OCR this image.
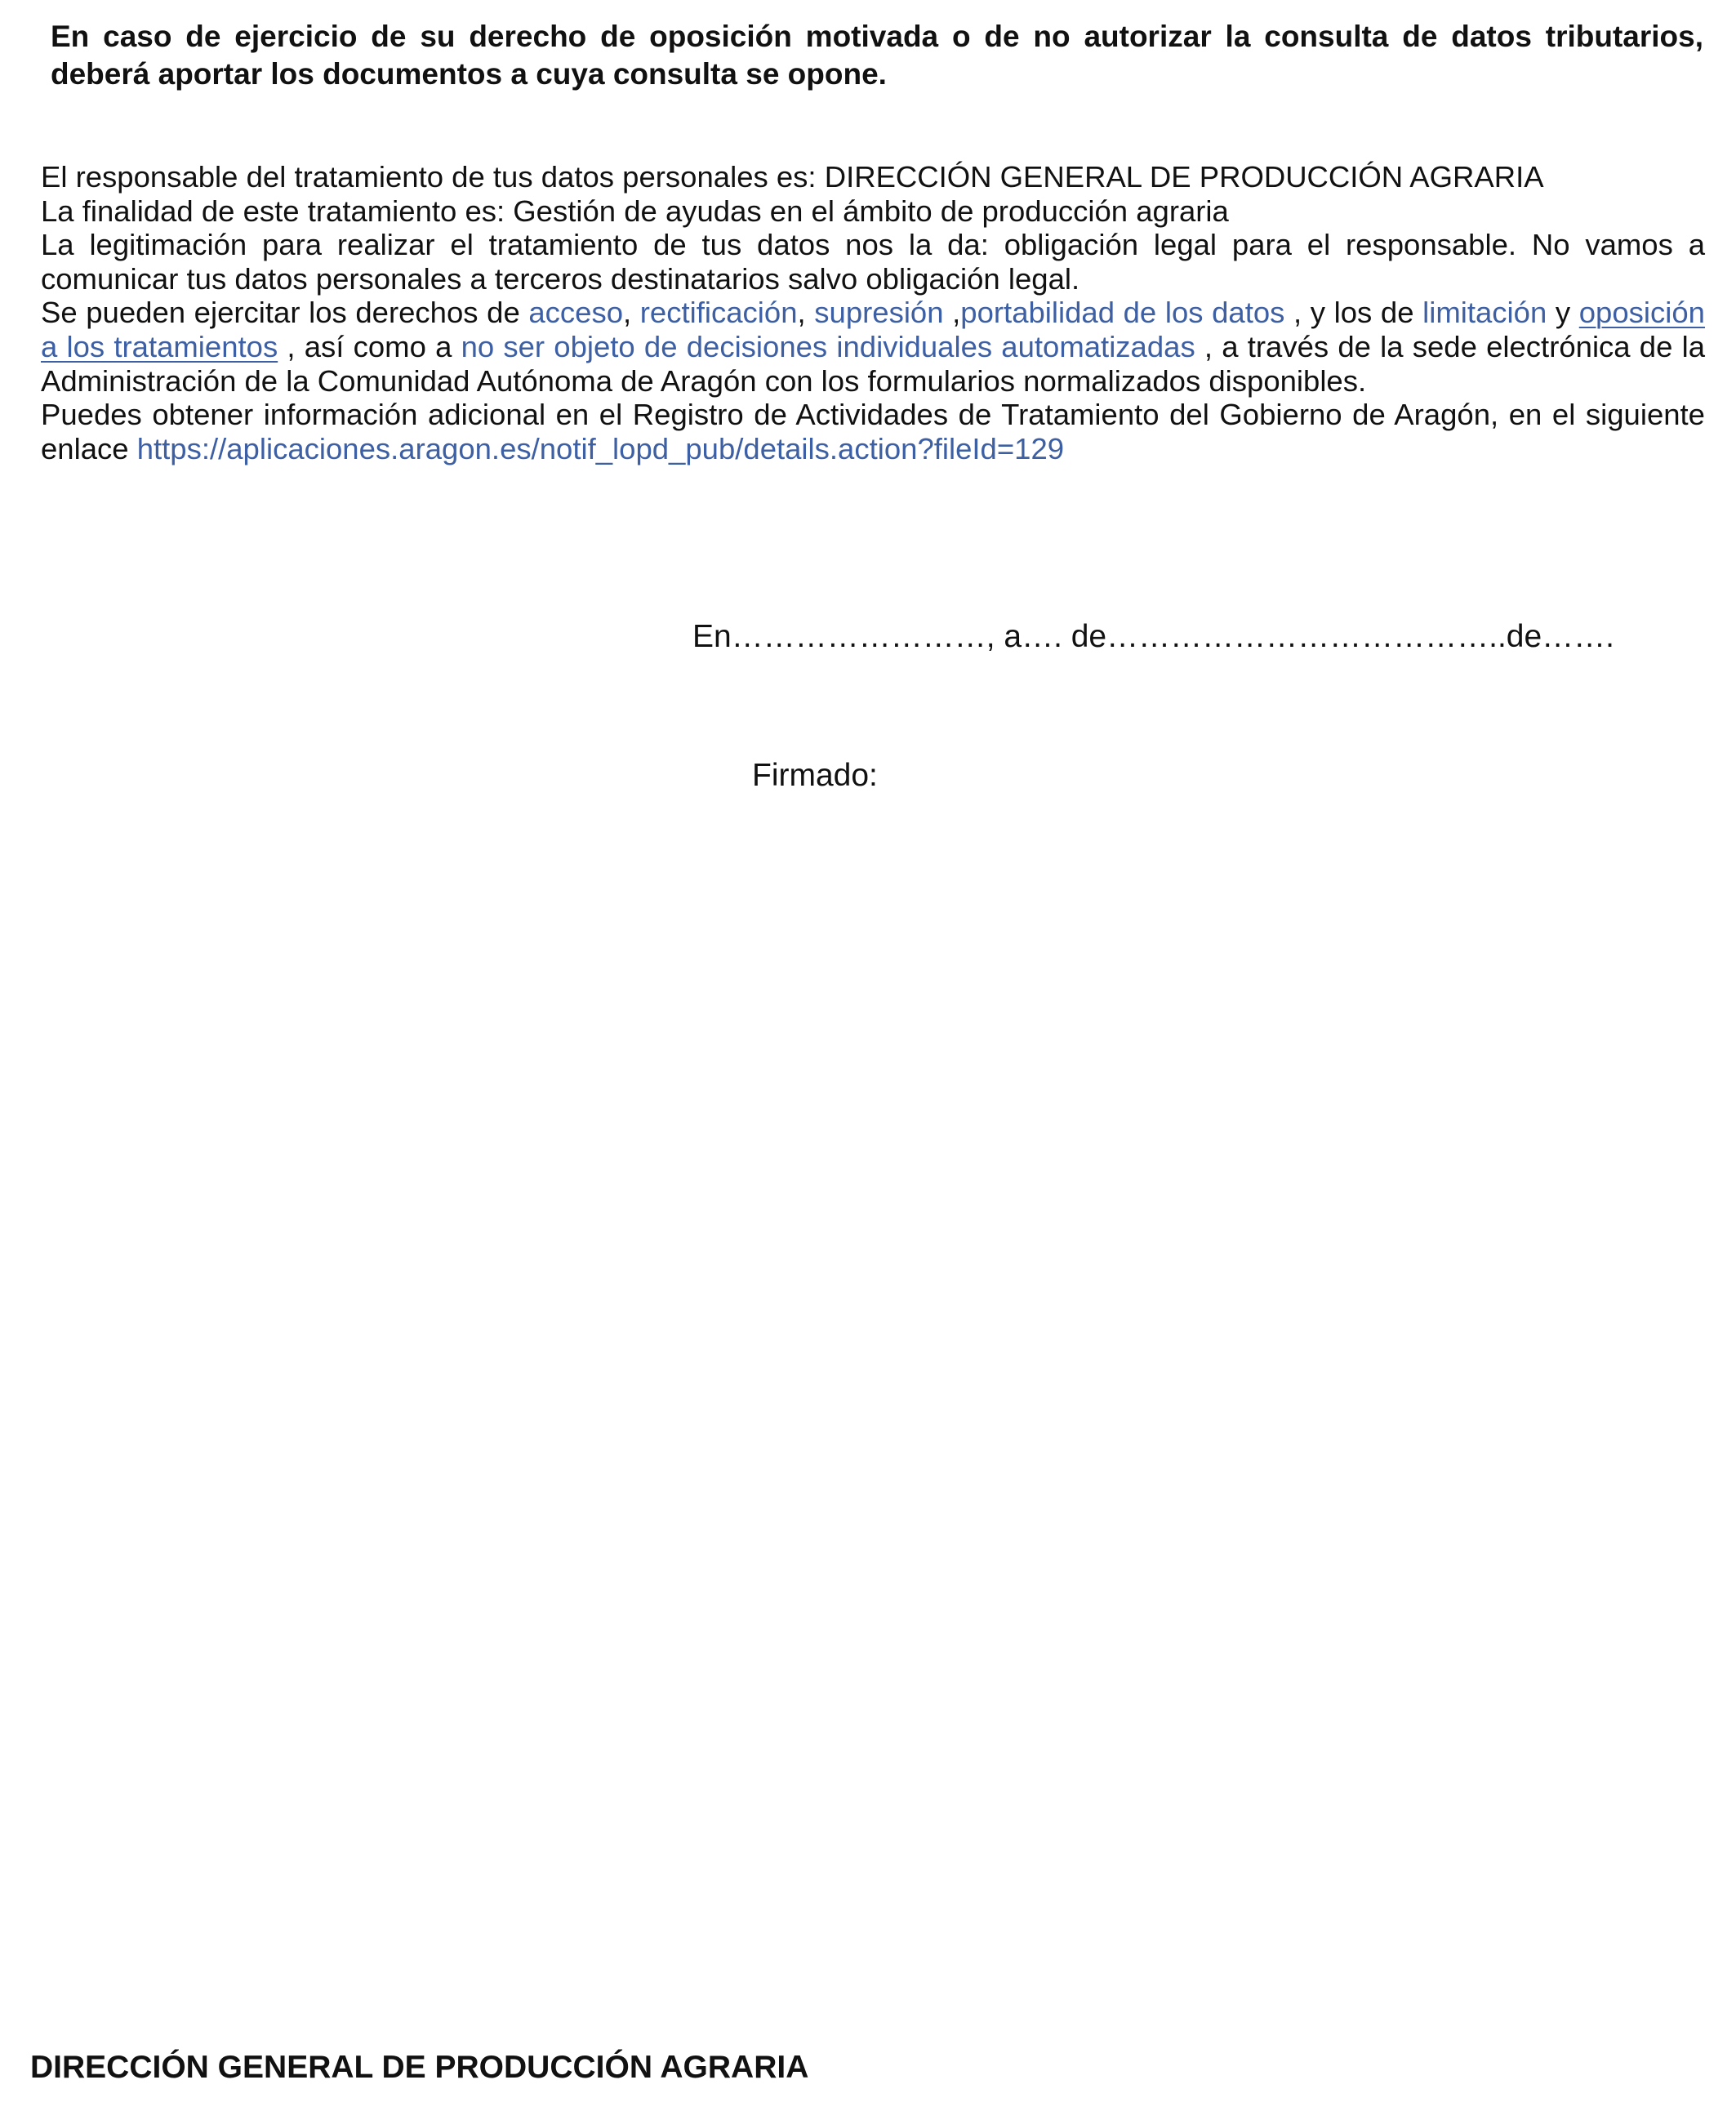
En caso de ejercicio de su derecho de oposición motivada o de no autorizar la consulta de datos tributarios, deberá aportar los documentos a cuya consulta se opone.

El responsable del tratamiento de tus datos personales es: DIRECCIÓN GENERAL DE PRODUCCIÓN AGRARIA

La finalidad de este tratamiento es: Gestión de ayudas en el ámbito de producción agraria

La legitimación para realizar el tratamiento de tus datos nos la da: obligación legal para el responsable. No vamos a comunicar tus datos personales a terceros destinatarios salvo obligación legal.

Se pueden ejercitar los derechos de acceso, rectificación, supresión ,portabilidad de los datos , y los de limitación y oposición a los tratamientos , así como a no ser objeto de decisiones individuales automatizadas , a través de la sede electrónica de la Administración de la Comunidad Autónoma de Aragón con los formularios normalizados disponibles.

Puedes obtener información adicional en el Registro de Actividades de Tratamiento del Gobierno de Aragón, en el siguiente enlace https://aplicaciones.aragon.es/notif_lopd_pub/details.action?fileId=129

En……………………, a…. de………………………………..de…….
Firmado:
DIRECCIÓN GENERAL DE PRODUCCIÓN AGRARIA
